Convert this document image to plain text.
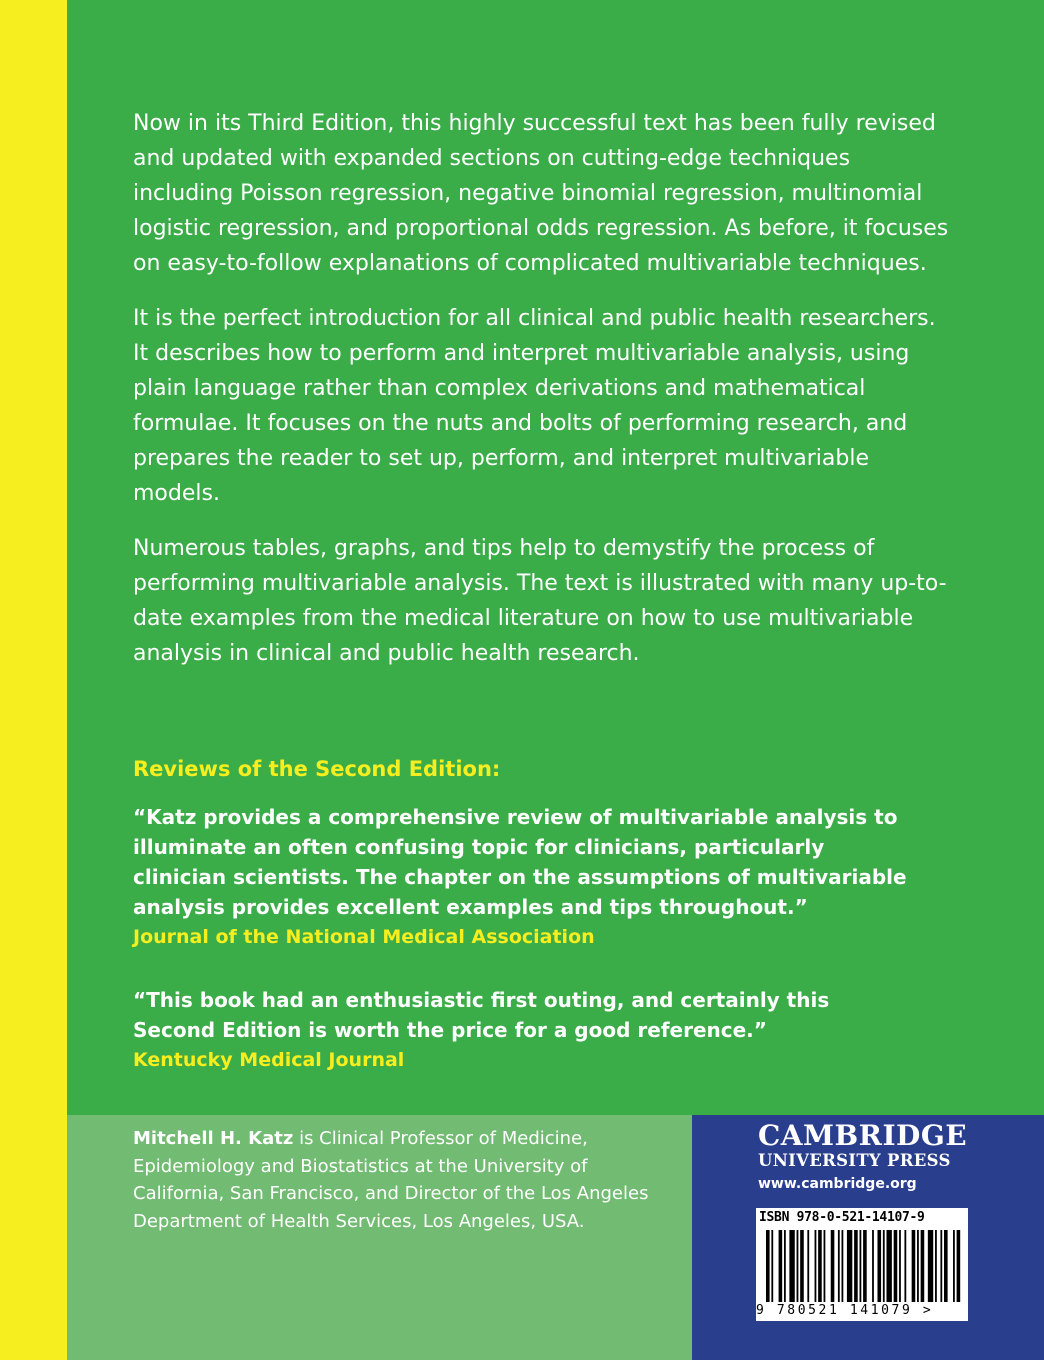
Now in its Third Edition, this highly successful text has been fully revised and updated with expanded sections on cutting-edge techniques including Poisson regression, negative binomial regression, multinomial logistic regression, and proportional odds regression. As before, it focuses on easy-to-follow explanations of complicated multivariable techniques.

It is the perfect introduction for all clinical and public health researchers. It describes how to perform and interpret multivariable analysis, using plain language rather than complex derivations and mathematical formulae. It focuses on the nuts and bolts of performing research, and prepares the reader to set up, perform, and interpret multivariable models.

Numerous tables, graphs, and tips help to demystify the process of performing multivariable analysis. The text is illustrated with many up-to-date examples from the medical literature on how to use multivariable analysis in clinical and public health research.

Reviews of the Second Edition:
“Katz provides a comprehensive review of multivariable analysis to illuminate an often confusing topic for clinicians, particularly clinician scientists. The chapter on the assumptions of multivariable analysis provides excellent examples and tips throughout.”
Journal of the National Medical Association
“This book had an enthusiastic first outing, and certainly this Second Edition is worth the price for a good reference.”
Kentucky Medical Journal
Mitchell H. Katz is Clinical Professor of Medicine, Epidemiology and Biostatistics at the University of California, San Francisco, and Director of the Los Angeles Department of Health Services, Los Angeles, USA.
CAMBRIDGE
UNIVERSITY PRESS
www.cambridge.org
ISBN 978-0-521-14107-9
9 780521 141079 >
